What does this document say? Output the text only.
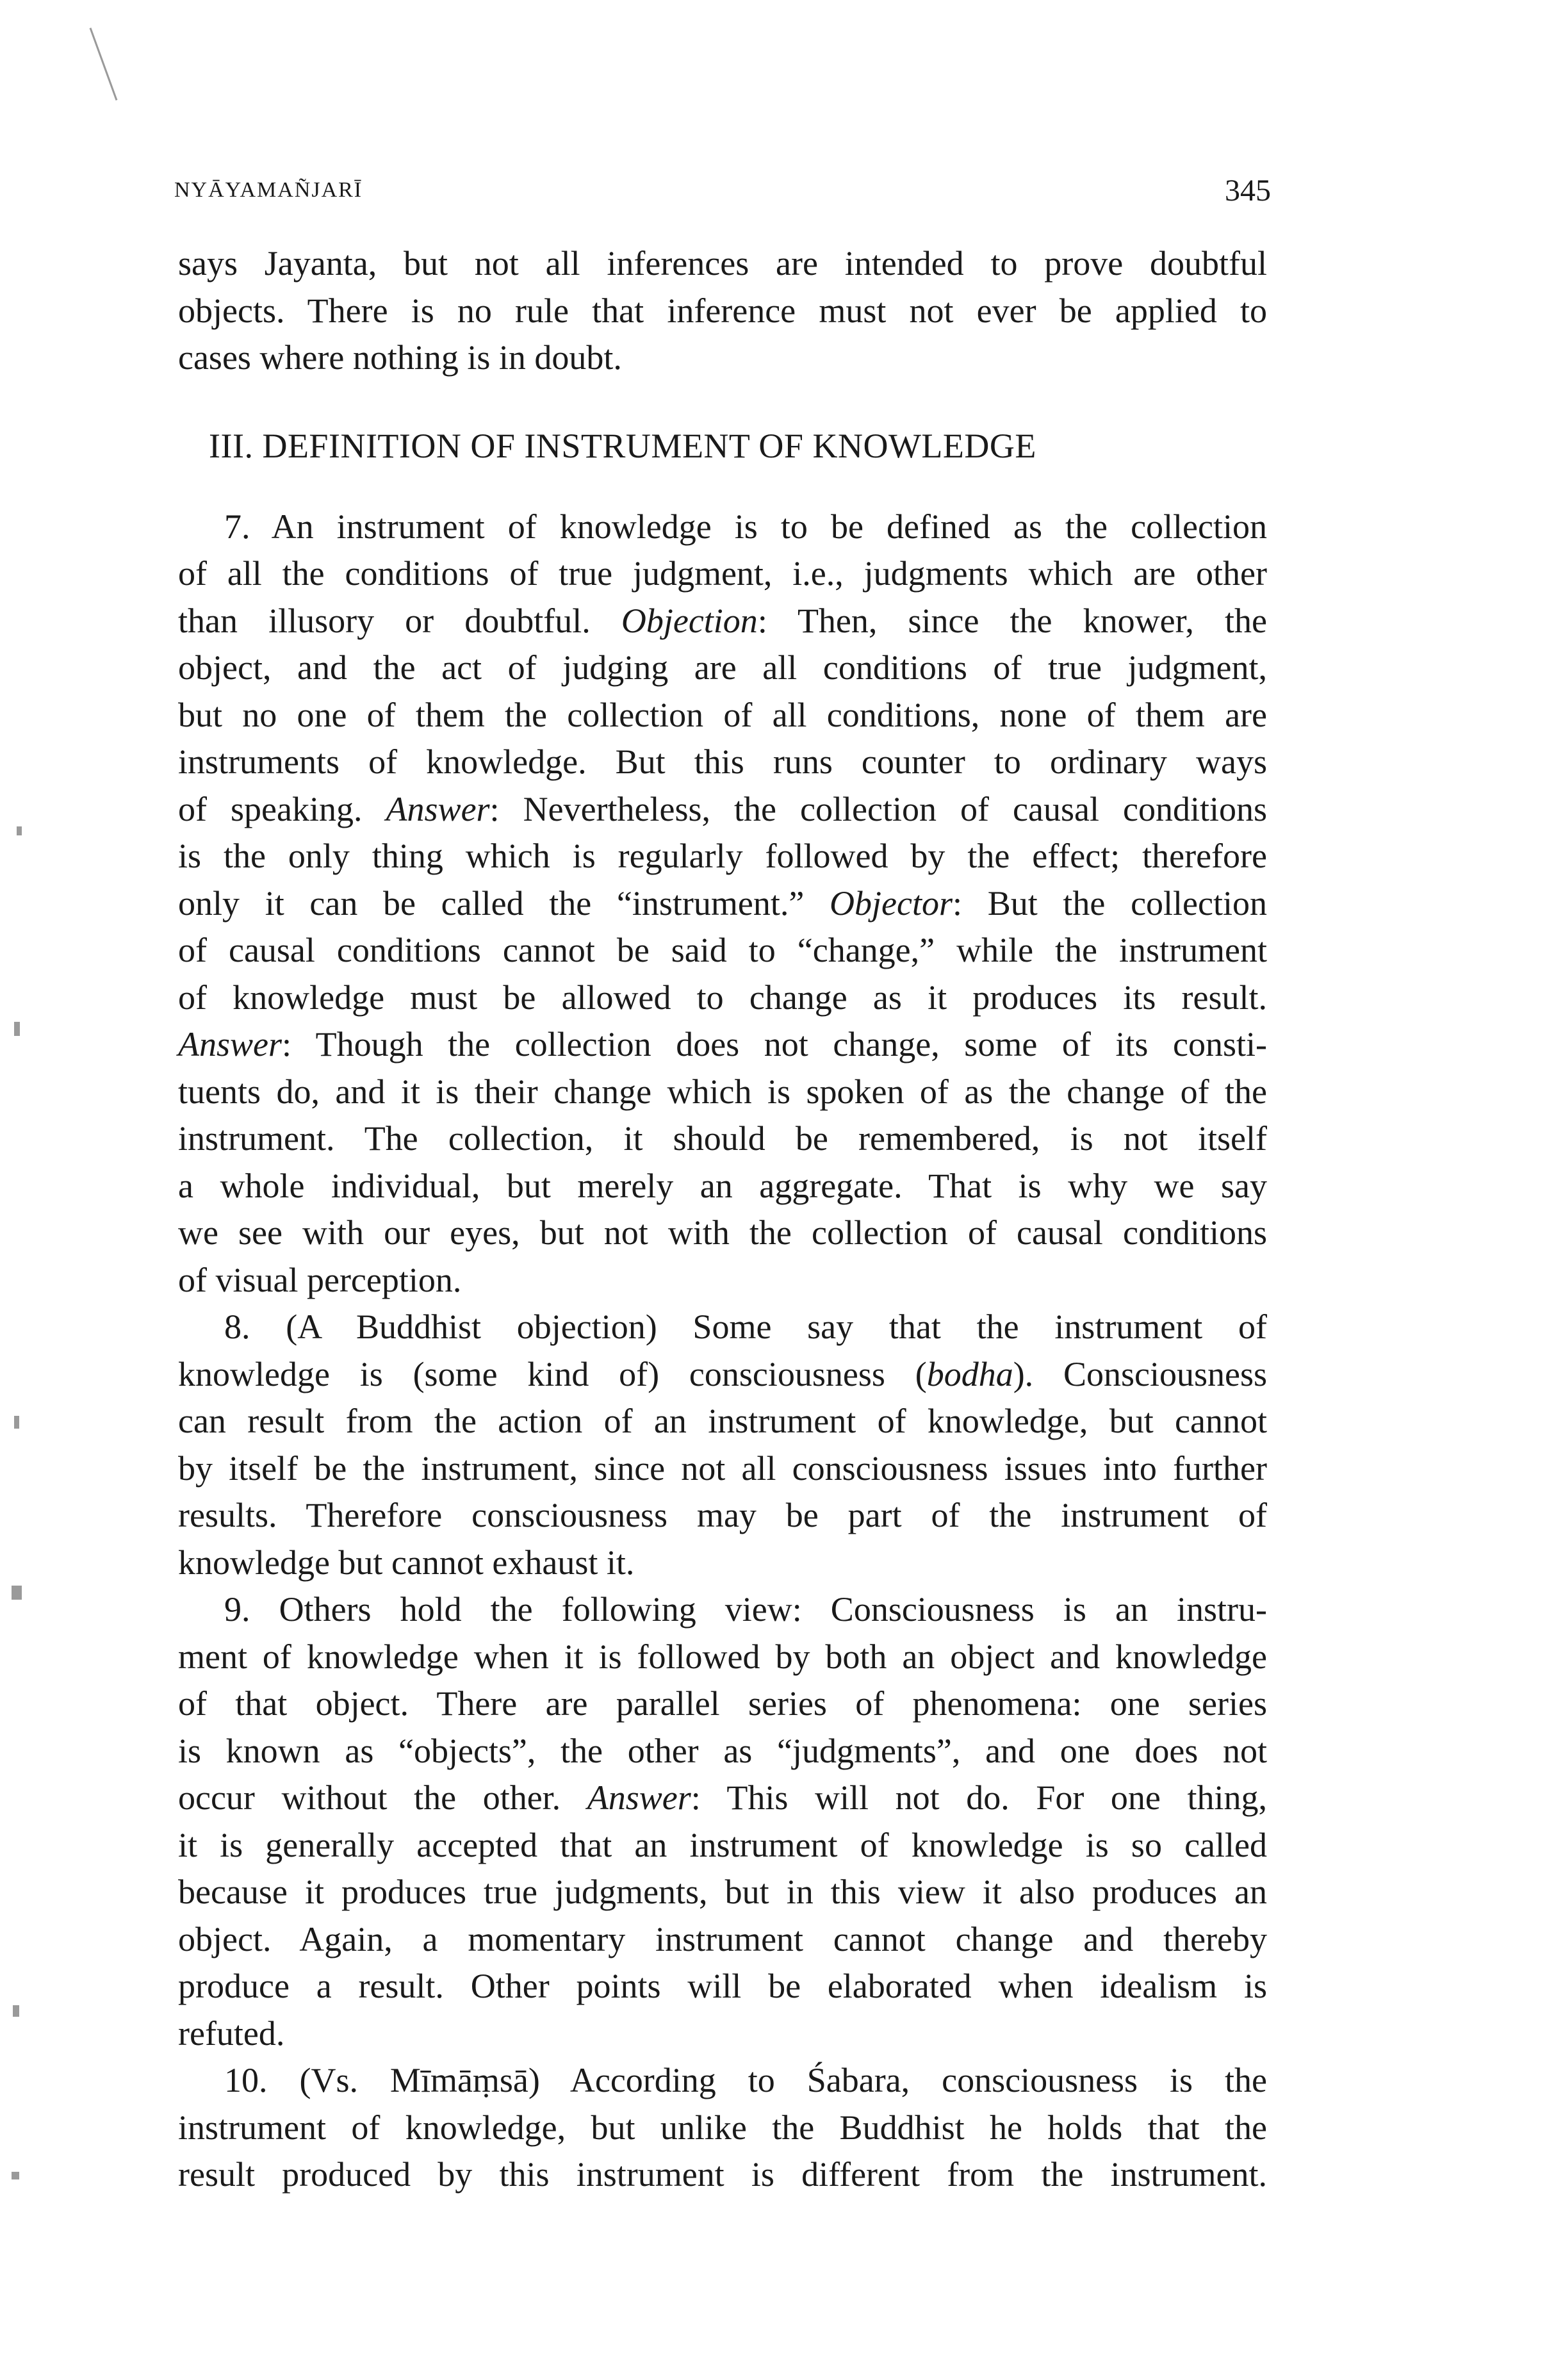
NYĀYAMAÑJARĪ	345
says Jayanta, but not all inferences are intended to prove doubtful
objects. There is no rule that inference must not ever be applied to
cases where nothing is in doubt.
III. DEFINITION OF INSTRUMENT OF KNOWLEDGE
7. An instrument of knowledge is to be defined as the collection
of all the conditions of true judgment, i.e., judgments which are other
than illusory or doubtful. Objection: Then, since the knower, the
object, and the act of judging are all conditions of true judgment,
but no one of them the collection of all conditions, none of them are
instruments of knowledge. But this runs counter to ordinary ways
of speaking. Answer: Nevertheless, the collection of causal conditions
is the only thing which is regularly followed by the effect; therefore
only it can be called the “instrument.” Objector: But the collection
of causal conditions cannot be said to “change,” while the instrument
of knowledge must be allowed to change as it produces its result.
Answer: Though the collection does not change, some of its consti-
tuents do, and it is their change which is spoken of as the change of the
instrument. The collection, it should be remembered, is not itself
a whole individual, but merely an aggregate. That is why we say
we see with our eyes, but not with the collection of causal conditions
of visual perception.
8. (A Buddhist objection) Some say that the instrument of
knowledge is (some kind of) consciousness (bodha). Consciousness
can result from the action of an instrument of knowledge, but cannot
by itself be the instrument, since not all consciousness issues into further
results. Therefore consciousness may be part of the instrument of
knowledge but cannot exhaust it.
9. Others hold the following view: Consciousness is an instru-
ment of knowledge when it is followed by both an object and knowledge
of that object. There are parallel series of phenomena: one series
is known as “objects”, the other as “judgments”, and one does not
occur without the other. Answer: This will not do. For one thing,
it is generally accepted that an instrument of knowledge is so called
because it produces true judgments, but in this view it also produces an
object. Again, a momentary instrument cannot change and thereby
produce a result. Other points will be elaborated when idealism is
refuted.
10. (Vs. Mīmāṃsā) According to Śabara, consciousness is the
instrument of knowledge, but unlike the Buddhist he holds that the
result produced by this instrument is different from the instrument.
